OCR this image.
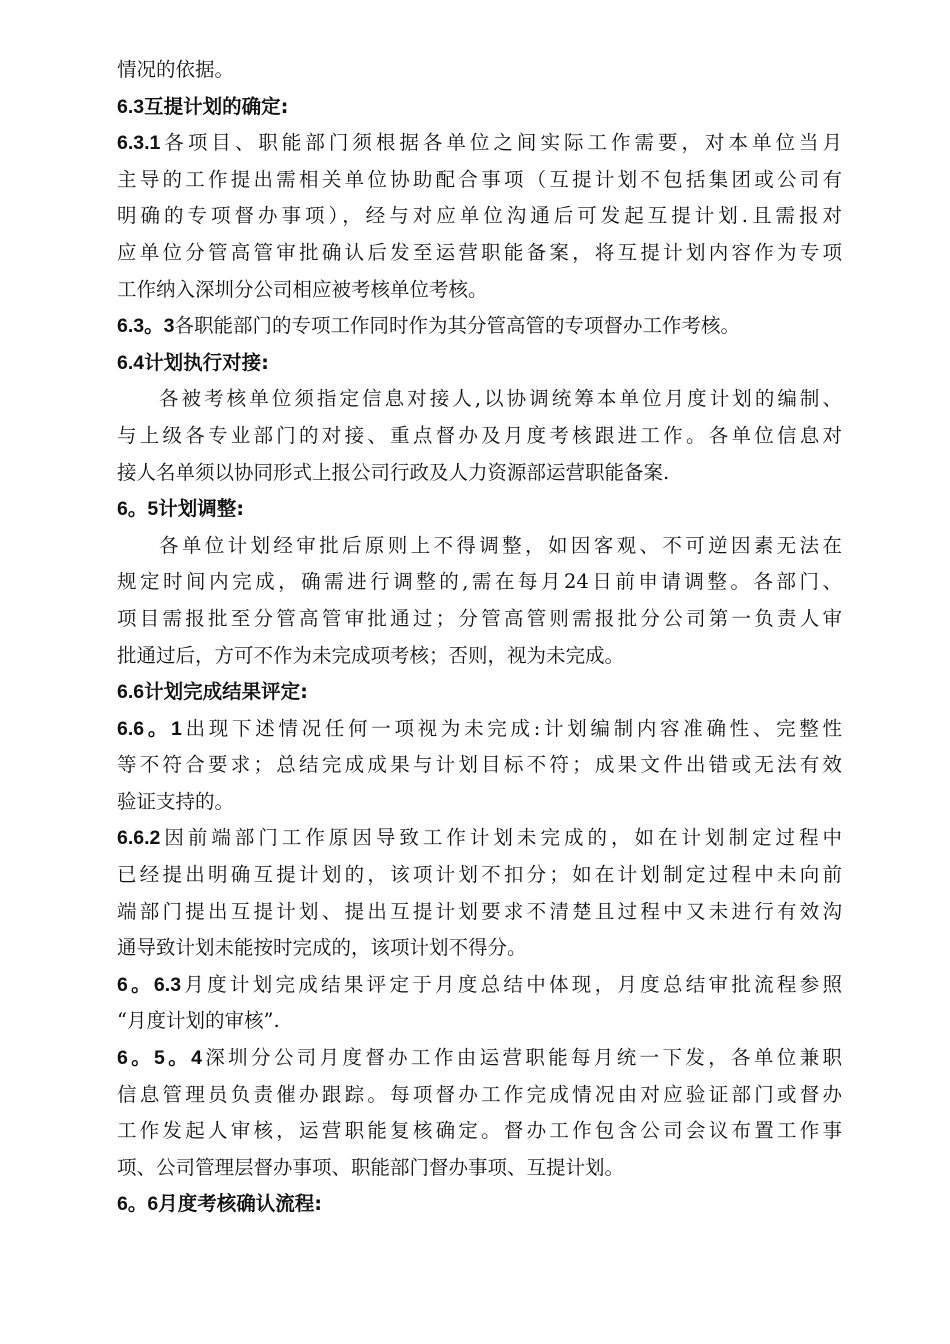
情况的依据。
6.3互提计划的确定:
6.3.1各项目、职能部门须根据各单位之间实际工作需要，对本单位当月
主导的工作提出需相关单位协助配合事项（互提计划不包括集团或公司有
明确的专项督办事项），经与对应单位沟通后可发起互提计划.且需报对
应单位分管高管审批确认后发至运营职能备案，将互提计划内容作为专项
工作纳入深圳分公司相应被考核单位考核。
6.3。3各职能部门的专项工作同时作为其分管高管的专项督办工作考核。
6.4计划执行对接:
各被考核单位须指定信息对接人,以协调统筹本单位月度计划的编制、
与上级各专业部门的对接、重点督办及月度考核跟进工作。各单位信息对
接人名单须以协同形式上报公司行政及人力资源部运营职能备案.
6。5计划调整:
各单位计划经审批后原则上不得调整，如因客观、不可逆因素无法在
规定时间内完成，确需进行调整的,需在每月24日前申请调整。各部门、
项目需报批至分管高管审批通过；分管高管则需报批分公司第一负责人审
批通过后，方可不作为未完成项考核；否则，视为未完成。
6.6计划完成结果评定:
6.6。1出现下述情况任何一项视为未完成:计划编制内容准确性、完整性
等不符合要求；总结完成成果与计划目标不符；成果文件出错或无法有效
验证支持的。
6.6.2因前端部门工作原因导致工作计划未完成的，如在计划制定过程中
已经提出明确互提计划的，该项计划不扣分；如在计划制定过程中未向前
端部门提出互提计划、提出互提计划要求不清楚且过程中又未进行有效沟
通导致计划未能按时完成的，该项计划不得分。
6。6.3月度计划完成结果评定于月度总结中体现，月度总结审批流程参照
“月度计划的审核”.
6。5。4深圳分公司月度督办工作由运营职能每月统一下发，各单位兼职
信息管理员负责催办跟踪。每项督办工作完成情况由对应验证部门或督办
工作发起人审核，运营职能复核确定。督办工作包含公司会议布置工作事
项、公司管理层督办事项、职能部门督办事项、互提计划。
6。6月度考核确认流程:
